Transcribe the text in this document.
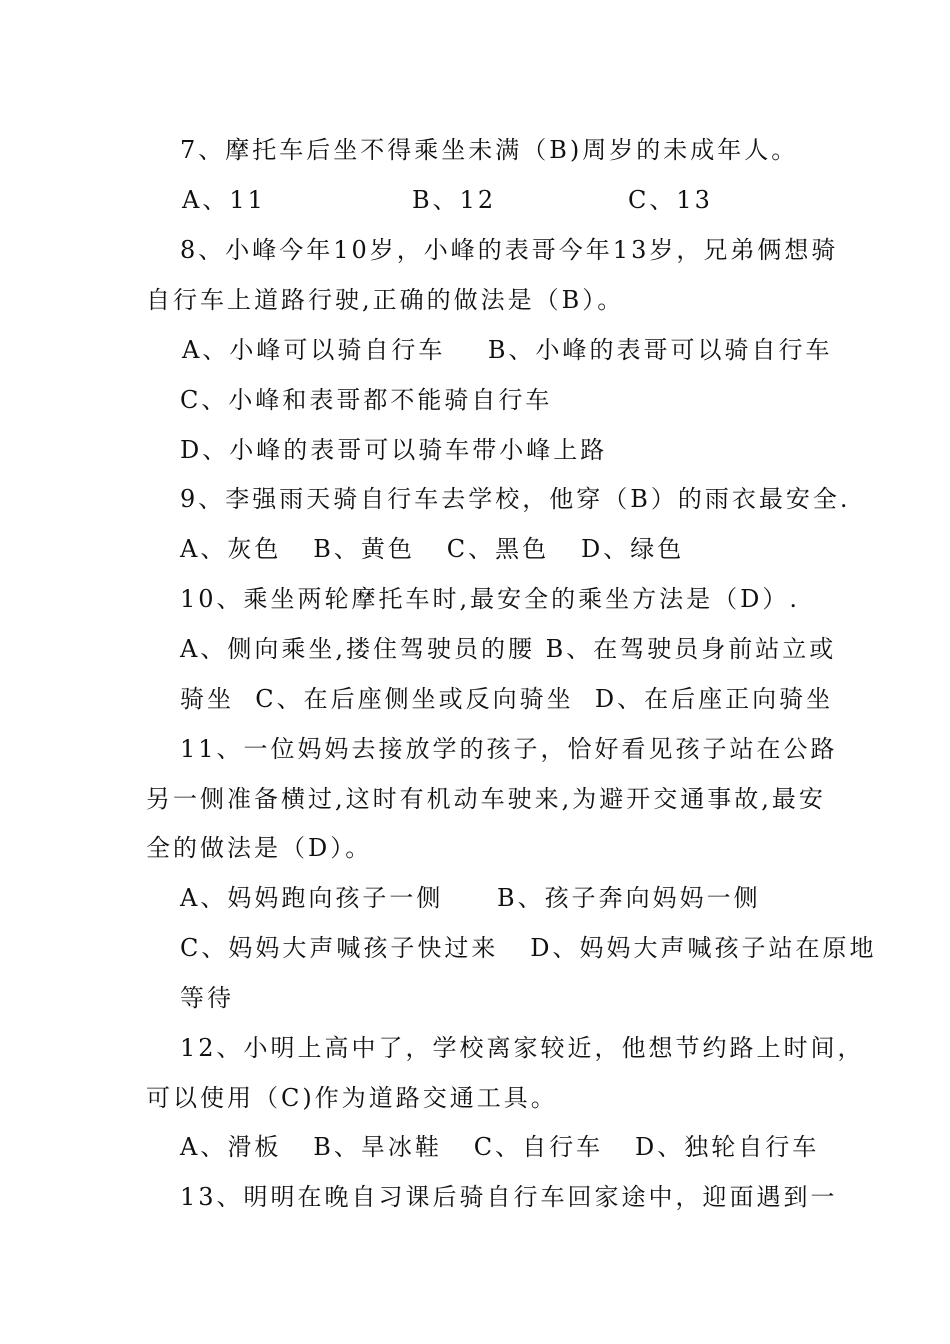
7、摩托车后坐不得乘坐未满（B)周岁的未成年人。
A、11	B、12	C、13
8、小峰今年10岁，小峰的表哥今年13岁，兄弟俩想骑
自行车上道路行驶,正确的做法是（B）。
A、小峰可以骑自行车    B、小峰的表哥可以骑自行车
C、小峰和表哥都不能骑自行车
D、小峰的表哥可以骑车带小峰上路
9、李强雨天骑自行车去学校，他穿（B）的雨衣最安全.
A、灰色   B、黄色   C、黑色   D、绿色
10、乘坐两轮摩托车时,最安全的乘坐方法是（D）.
A、侧向乘坐,搂住驾驶员的腰 B、在驾驶员身前站立或
骑坐  C、在后座侧坐或反向骑坐  D、在后座正向骑坐
11、一位妈妈去接放学的孩子，恰好看见孩子站在公路
另一侧准备横过,这时有机动车驶来,为避开交通事故,最安
全的做法是（D）。
A、妈妈跑向孩子一侧 B、孩子奔向妈妈一侧
C、妈妈大声喊孩子快过来   D、妈妈大声喊孩子站在原地
等待
12、小明上高中了，学校离家较近，他想节约路上时间，
可以使用（C)作为道路交通工具。
A、滑板   B、旱冰鞋   C、自行车   D、独轮自行车
13、明明在晚自习课后骑自行车回家途中，迎面遇到一
